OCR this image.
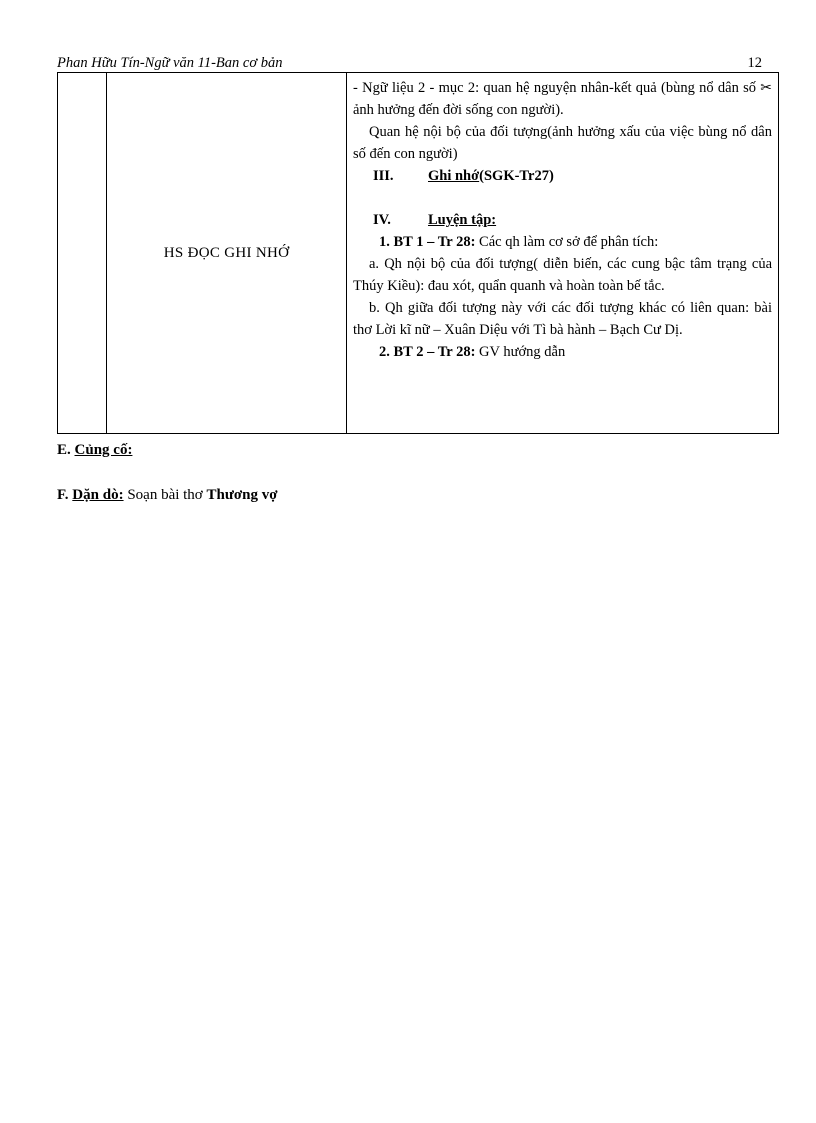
Phan Hữu Tín-Ngữ văn 11-Ban cơ bản	12
	HS ĐỌC GHI NHỚ	

- Ngữ liệu 2 - mục 2: quan hệ nguyện nhân-kết quả (bùng nổ dân số ✂ ảnh hưởng đến đời sống con người).

Quan hệ nội bộ của đối tượng(ảnh hưởng xấu của việc bùng nổ dân số đến con người)

III. Ghi nhớ(SGK-Tr27)

IV.	Luyện tập:

1. BT 1 – Tr 28: Các qh làm cơ sở để phân tích:

a. Qh nội bộ của đối tượng( diễn biến, các cung bậc tâm trạng của Thúy Kiều): đau xót, quẩn quanh và hoàn toàn bế tắc.

b. Qh giữa đối tượng này với các đối tượng khác có liên quan: bài thơ Lời kĩ nữ – Xuân Diệu với Tì bà hành – Bạch Cư Dị.

2. BT 2 – Tr 28: GV hướng dẫn

E. Củng cố:
F. Dặn dò: Soạn bài thơ Thương vợ
